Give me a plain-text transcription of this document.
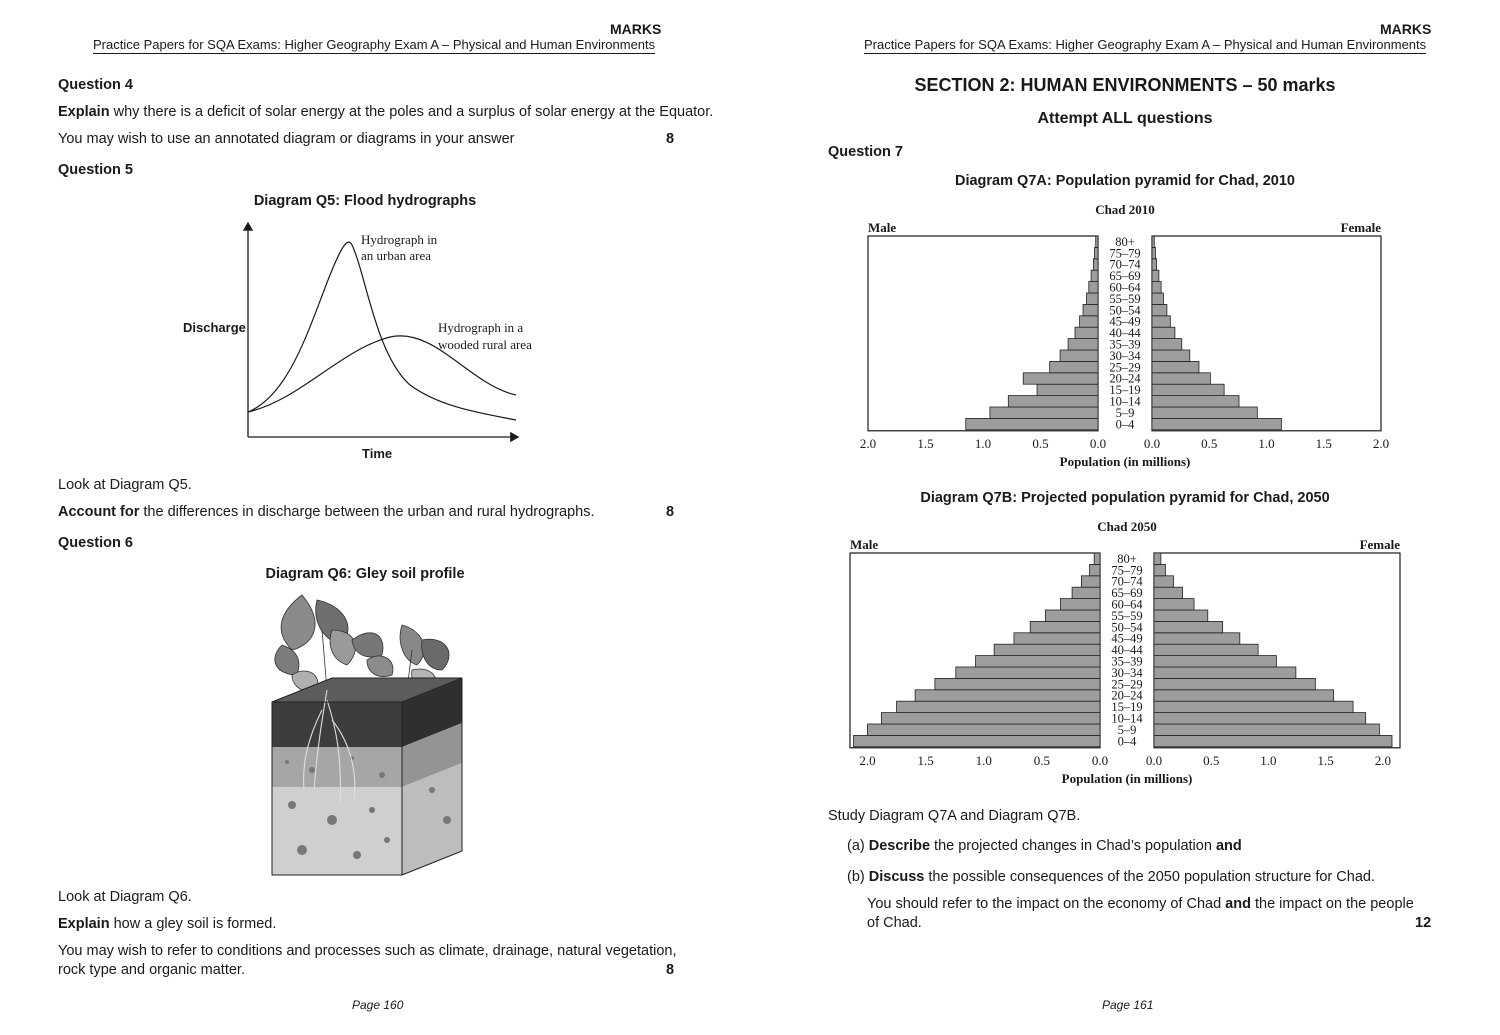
MARKS
Practice Papers for SQA Exams: Higher Geography Exam A – Physical and Human Environments
Question 4
Explain why there is a deficit of solar energy at the poles and a surplus of solar energy at the Equator.
You may wish to use an annotated diagram or diagrams in your answer	8
Question 5
Diagram Q5: Flood hydrographs
Discharge
Time
Hydrograph in
an urban area
Hydrograph in a
wooded rural area
Look at Diagram Q5.
Account for the differences in discharge between the urban and rural hydrographs.	8
Question 6
Diagram Q6: Gley soil profile
Look at Diagram Q6.
Explain how a gley soil is formed.
You may wish to refer to conditions and processes such as climate, drainage, natural vegetation,
rock type and organic matter.	8
Page 160
MARKS
Practice Papers for SQA Exams: Higher Geography Exam A – Physical and Human Environments
SECTION 2: HUMAN ENVIRONMENTS – 50 marks
Attempt ALL questions
Question 7
Diagram Q7A: Population pyramid for Chad, 2010
Chad 2010
Male	Female
0–4
5–9
10–14
15–19
20–24
25–29
30–34
35–39
40–44
45–49
50–54
55–59
60–64
65–69
70–74
75–79
80+
2.0	2.0
1.5	1.5
1.0	1.0
0.5	0.5
0.0	0.0
Population (in millions)
Diagram Q7B: Projected population pyramid for Chad, 2050
Chad 2050
Male	Female
0–4
5–9
10–14
15–19
20–24
25–29
30–34
35–39
40–44
45–49
50–54
55–59
60–64
65–69
70–74
75–79
80+
2.0	2.0
1.5	1.5
1.0	1.0
0.5	0.5
0.0	0.0
Population (in millions)
Study Diagram Q7A and Diagram Q7B.
(a) Describe the projected changes in Chad’s population and
(b) Discuss the possible consequences of the 2050 population structure for Chad.
You should refer to the impact on the economy of Chad and the impact on the people
of Chad.	12
Page 161
